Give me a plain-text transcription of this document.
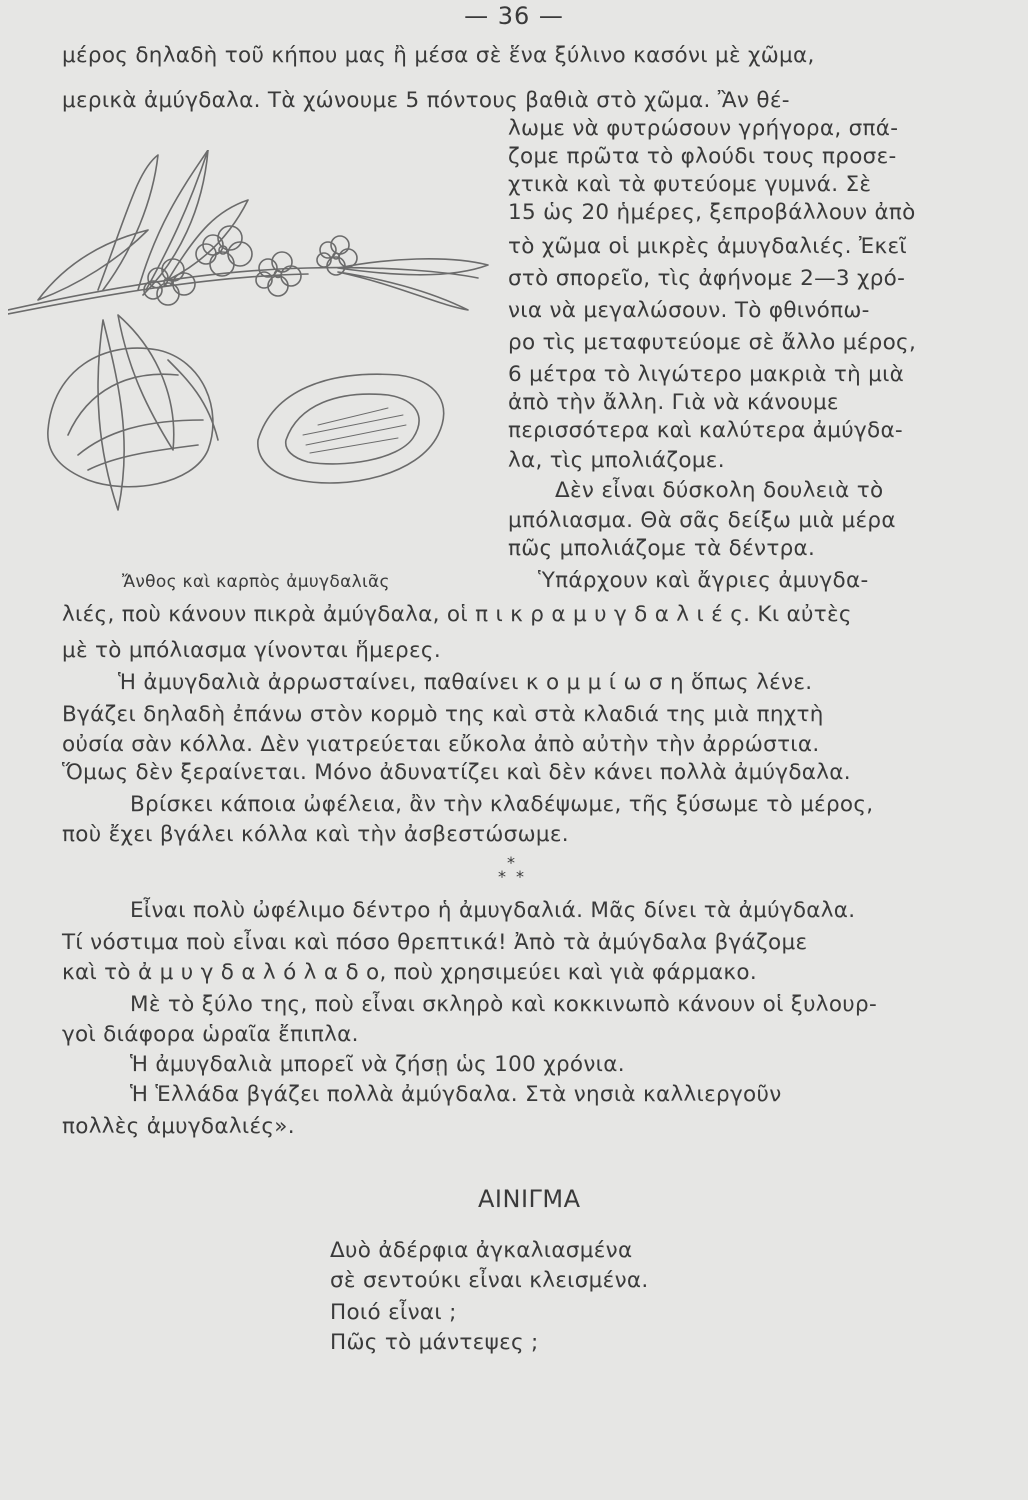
— 36 —
μέρος δηλαδὴ τοῦ κήπου μας ἢ μέσα σὲ ἕνα ξύλινο κασόνι μὲ χῶμα,
μερικὰ ἀμύγδαλα. Τὰ χώνουμε 5 πόντους βαθιὰ στὸ χῶμα. Ἂν θέ-
λωμε νὰ φυτρώσουν γρήγορα, σπά-
ζομε πρῶτα τὸ φλούδι τους προσε-
χτικὰ καὶ τὰ φυτεύομε γυμνά. Σὲ
15 ὡς 20 ἡμέρες, ξεπροβάλλουν ἀπὸ
τὸ χῶμα οἱ μικρὲς ἀμυγδαλιές. Ἐκεῖ
στὸ σπορεῖο, τὶς ἀφήνομε 2—3 χρό-
νια νὰ μεγαλώσουν. Τὸ φθινόπω-
ρο τὶς μεταφυτεύομε σὲ ἄλλο μέρος,
6 μέτρα τὸ λιγώτερο μακριὰ τὴ μιὰ
ἀπὸ τὴν ἄλλη. Γιὰ νὰ κάνουμε
περισσότερα καὶ καλύτερα ἀμύγδα-
λα, τὶς μπολιάζομε.
Δὲν εἶναι δύσκολη δουλειὰ τὸ
μπόλιασμα. Θὰ σᾶς δείξω μιὰ μέρα
πῶς μπολιάζομε τὰ δέντρα.
Ἄνθος καὶ καρπὸς ἀμυγδαλιᾶς	Ὑπάρχουν καὶ ἄγριες ἀμυγδα-
λιές, ποὺ κάνουν πικρὰ ἀμύγδαλα, οἱ π ι κ ρ α μ υ γ δ α λ ι έ ς. Κι αὐτὲς
μὲ τὸ μπόλιασμα γίνονται ἥμερες.
Ἡ ἀμυγδαλιὰ ἀρρωσταίνει, παθαίνει κ ο μ μ ί ω σ η ὅπως λένε.
Βγάζει δηλαδὴ ἐπάνω στὸν κορμὸ της καὶ στὰ κλαδιά της μιὰ πηχτὴ
οὐσία σὰν κόλλα. Δὲν γιατρεύεται εὔκολα ἀπὸ αὐτὴν τὴν ἀρρώστια.
Ὅμως δὲν ξεραίνεται. Μόνο ἀδυνατίζει καὶ δὲν κάνει πολλὰ ἀμύγδαλα.
Βρίσκει κάποια ὠφέλεια, ἂν τὴν κλαδέψωμε, τῆς ξύσωμε τὸ μέρος,
ποὺ ἔχει βγάλει κόλλα καὶ τὴν ἀσβεστώσωμε.
*
* *
Εἶναι πολὺ ὠφέλιμο δέντρο ἡ ἀμυγδαλιά. Μᾶς δίνει τὰ ἀμύγδαλα.
Τί νόστιμα ποὺ εἶναι καὶ πόσο θρεπτικά! Ἀπὸ τὰ ἀμύγδαλα βγάζομε
καὶ τὸ ἀ μ υ γ δ α λ ό λ α δ ο, ποὺ χρησιμεύει καὶ γιὰ φάρμακο.
Μὲ τὸ ξύλο της, ποὺ εἶναι σκληρὸ καὶ κοκκινωπὸ κάνουν οἱ ξυλουρ-
γοὶ διάφορα ὡραῖα ἔπιπλα.
Ἡ ἀμυγδαλιὰ μπορεῖ νὰ ζήσῃ ὡς 100 χρόνια.
Ἡ Ἑλλάδα βγάζει πολλὰ ἀμύγδαλα. Στὰ νησιὰ καλλιεργοῦν
πολλὲς ἀμυγδαλιές».
ΑΙΝΙΓΜΑ
Δυὸ ἀδέρφια ἀγκαλιασμένα
σὲ σεντούκι εἶναι κλεισμένα.
Ποιό εἶναι ;
Πῶς τὸ μάντεψες ;
